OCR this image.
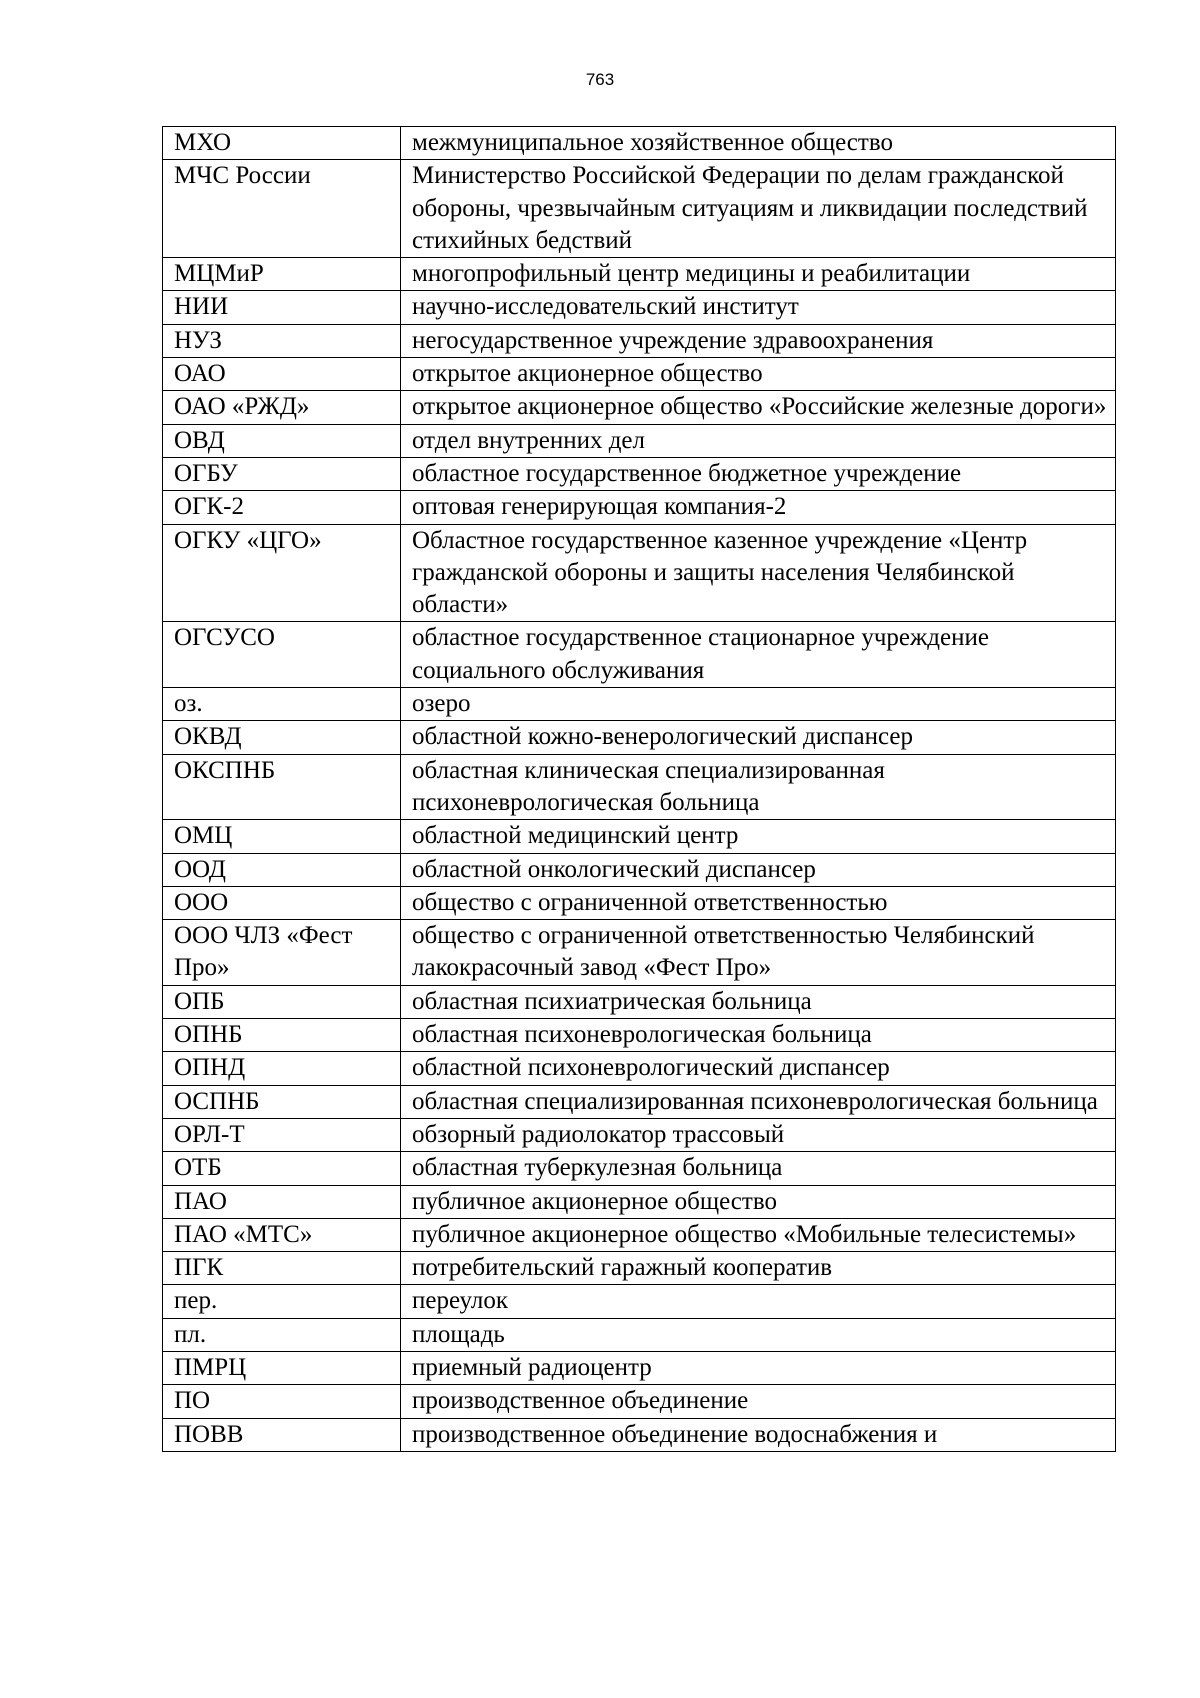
763
МХО	межмуниципальное хозяйственное общество
МЧС России	Министерство Российской Федерации по делам гражданской обороны, чрезвычайным ситуациям и ликвидации последствий стихийных бедствий
МЦМиР	многопрофильный центр медицины и реабилитации
НИИ	научно-исследовательский институт
НУЗ	негосударственное учреждение здравоохранения
ОАО	открытое акционерное общество
ОАО «РЖД»	открытое акционерное общество «Российские железные дороги»
ОВД	отдел внутренних дел
ОГБУ	областное государственное бюджетное учреждение
ОГК-2	оптовая генерирующая компания-2
ОГКУ «ЦГО»	Областное государственное казенное учреждение «Центр гражданской обороны и защиты населения Челябинской области»
ОГСУСО	областное государственное стационарное учреждение социального обслуживания
оз.	озеро
ОКВД	областной кожно-венерологический диспансер
ОКСПНБ	областная клиническая специализированная психоневрологическая больница
ОМЦ	областной медицинский центр
ООД	областной онкологический диспансер
ООО	общество с ограниченной ответственностью
ООО ЧЛЗ «Фест Про»	общество с ограниченной ответственностью Челябинский лакокрасочный завод «Фест Про»
ОПБ	областная психиатрическая больница
ОПНБ	областная психоневрологическая больница
ОПНД	областной психоневрологический диспансер
ОСПНБ	областная специализированная психоневрологическая больница
ОРЛ-Т	обзорный радиолокатор трассовый
ОТБ	областная туберкулезная больница
ПАО	публичное акционерное общество
ПАО «МТС»	публичное акционерное общество «Мобильные телесистемы»
ПГК	потребительский гаражный кооператив
пер.	переулок
пл.	площадь
ПМРЦ	приемный радиоцентр
ПО	производственное объединение
ПОВВ	производственное объединение водоснабжения и
